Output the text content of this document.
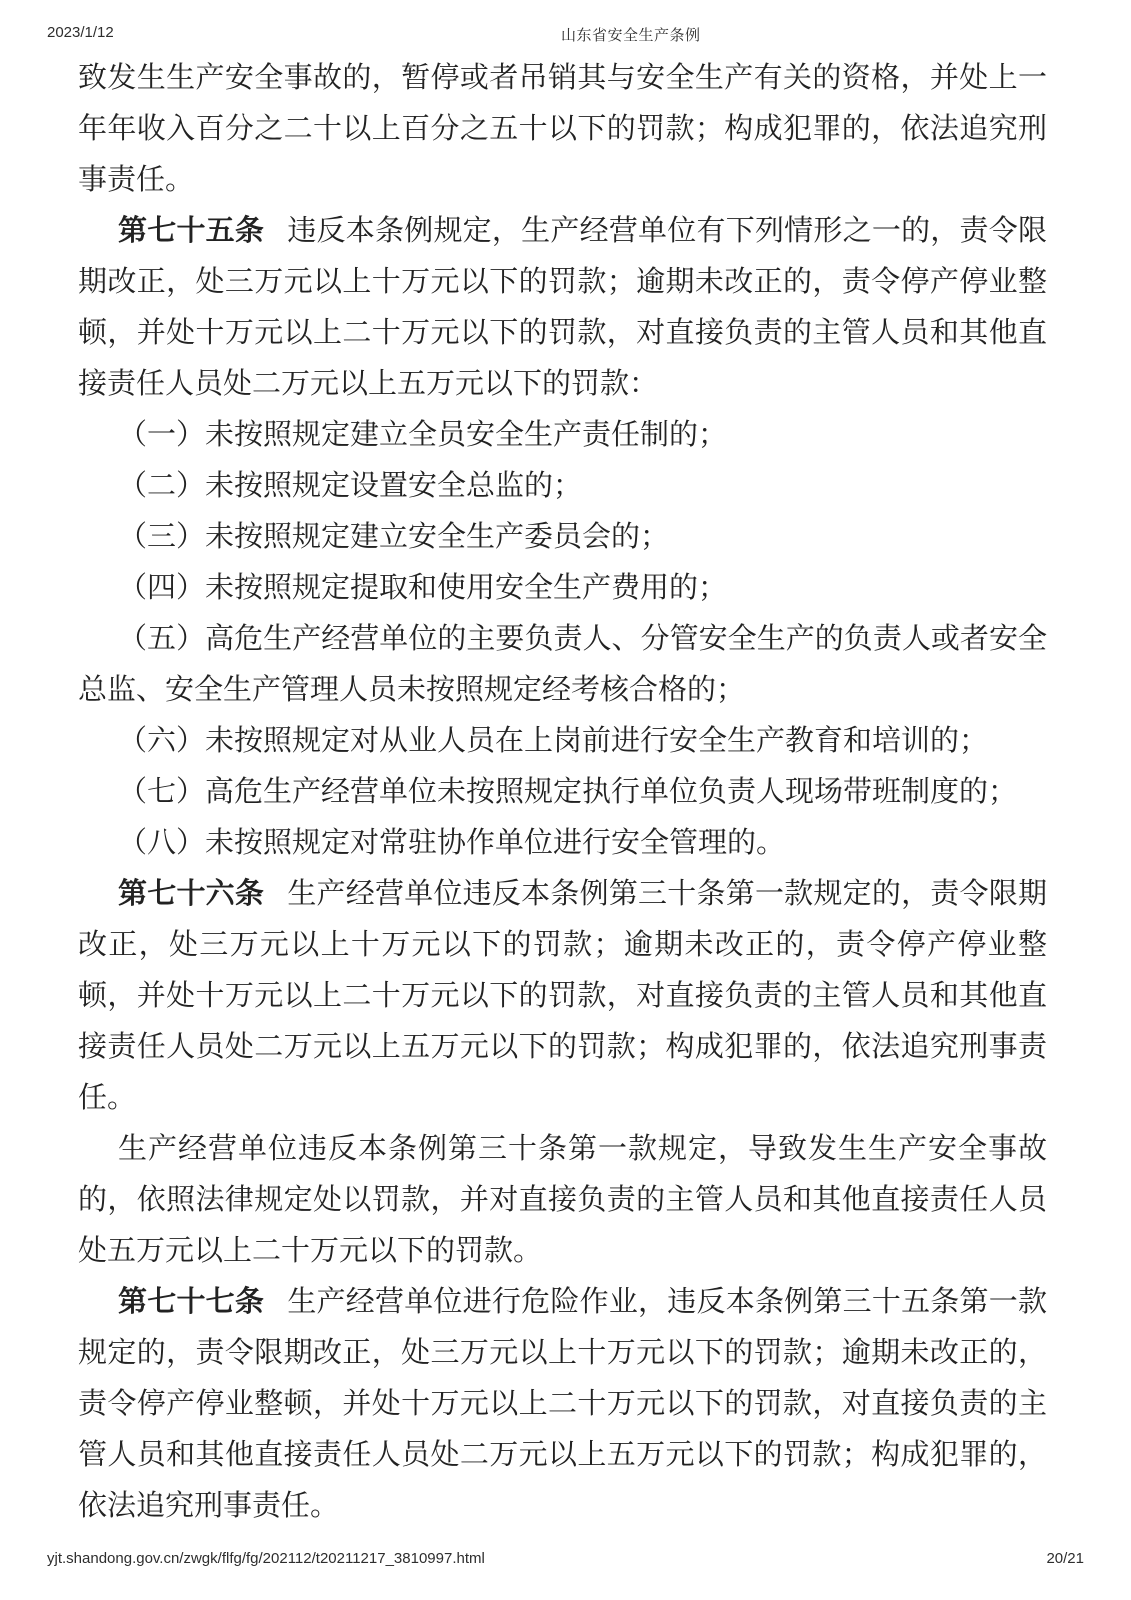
2023/1/12	山东省安全生产条例

致发生生产安全事故的，暂停或者吊销其与安全生产有关的资格，并处上一年年收入百分之二十以上百分之五十以下的罚款；构成犯罪的，依法追究刑事责任。

第七十五条 违反本条例规定，生产经营单位有下列情形之一的，责令限期改正，处三万元以上十万元以下的罚款；逾期未改正的，责令停产停业整顿，并处十万元以上二十万元以下的罚款，对直接负责的主管人员和其他直接责任人员处二万元以上五万元以下的罚款：

（一）未按照规定建立全员安全生产责任制的；

（二）未按照规定设置安全总监的；

（三）未按照规定建立安全生产委员会的；

（四）未按照规定提取和使用安全生产费用的；

（五）高危生产经营单位的主要负责人、分管安全生产的负责人或者安全总监、安全生产管理人员未按照规定经考核合格的；

（六）未按照规定对从业人员在上岗前进行安全生产教育和培训的；

（七）高危生产经营单位未按照规定执行单位负责人现场带班制度的；

（八）未按照规定对常驻协作单位进行安全管理的。

第七十六条 生产经营单位违反本条例第三十条第一款规定的，责令限期改正，处三万元以上十万元以下的罚款；逾期未改正的，责令停产停业整顿，并处十万元以上二十万元以下的罚款，对直接负责的主管人员和其他直接责任人员处二万元以上五万元以下的罚款；构成犯罪的，依法追究刑事责任。

生产经营单位违反本条例第三十条第一款规定，导致发生生产安全事故的，依照法律规定处以罚款，并对直接负责的主管人员和其他直接责任人员处五万元以上二十万元以下的罚款。

第七十七条 生产经营单位进行危险作业，违反本条例第三十五条第一款规定的，责令限期改正，处三万元以上十万元以下的罚款；逾期未改正的，责令停产停业整顿，并处十万元以上二十万元以下的罚款，对直接负责的主管人员和其他直接责任人员处二万元以上五万元以下的罚款；构成犯罪的，依法追究刑事责任。

yjt.shandong.gov.cn/zwgk/flfg/fg/202112/t20211217_3810997.html	20/21
